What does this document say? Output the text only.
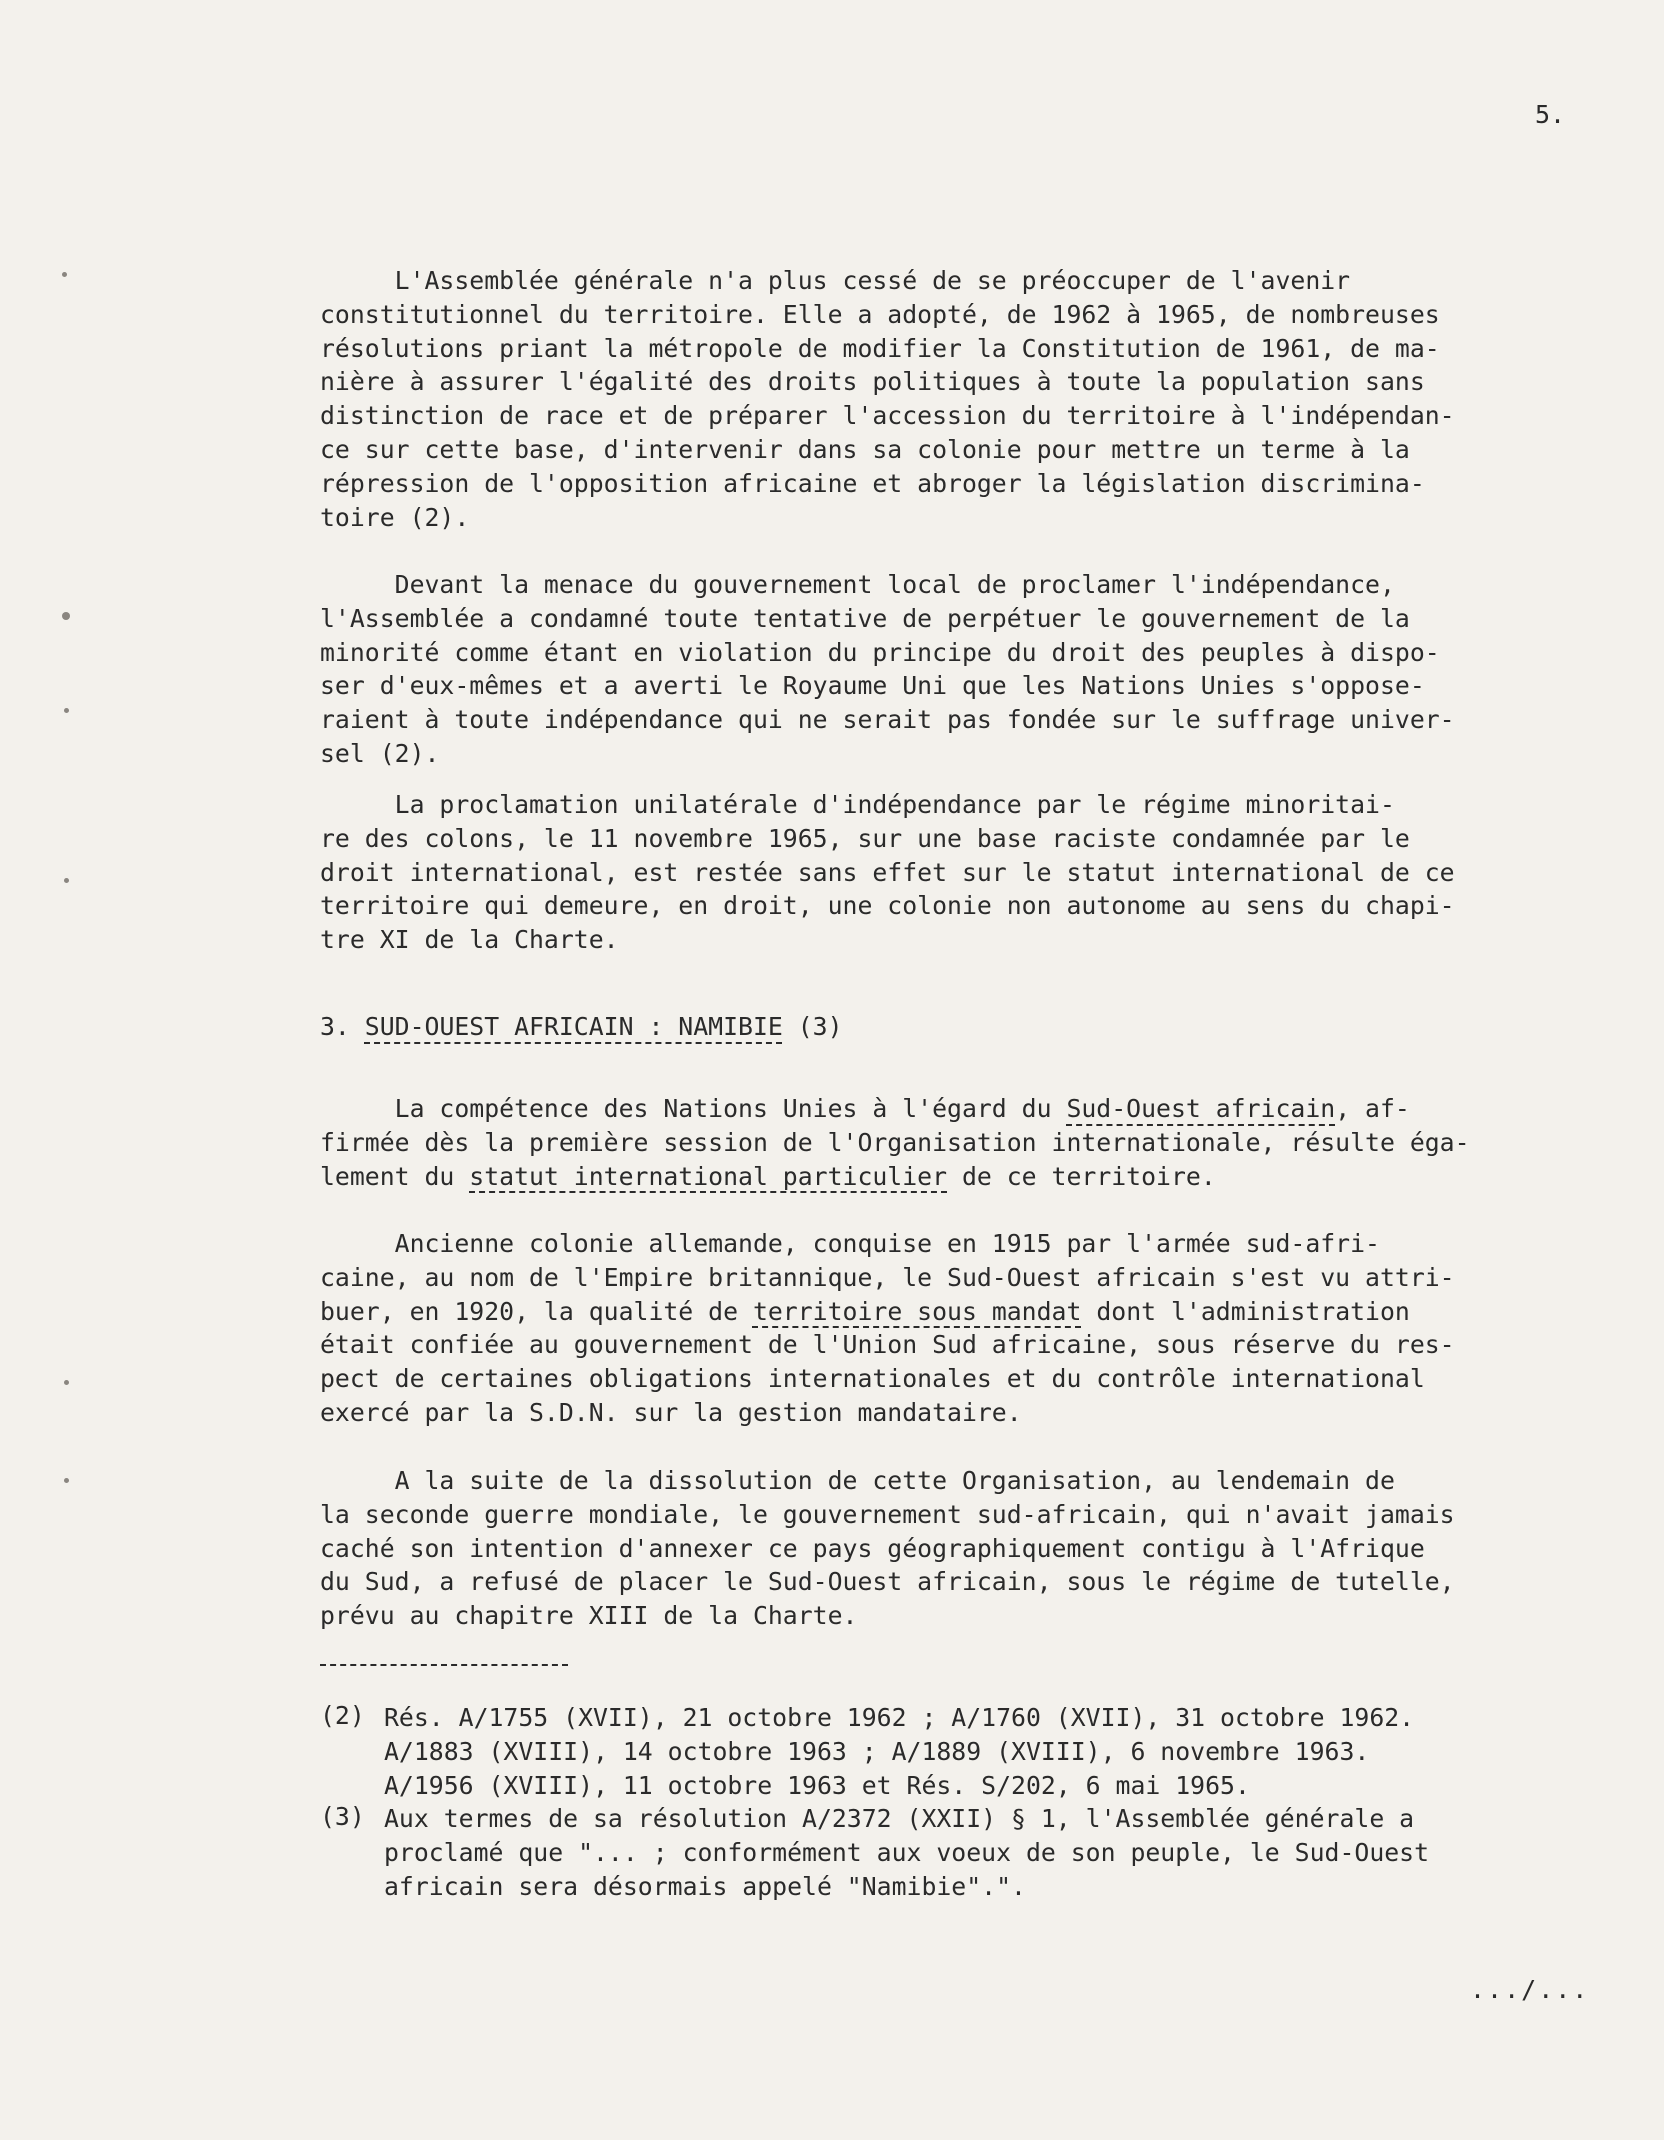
5.
L'Assemblée générale n'a plus cessé de se préoccuper de l'avenir
constitutionnel du territoire. Elle a adopté, de 1962 à 1965, de nombreuses
résolutions priant la métropole de modifier la Constitution de 1961, de ma-
nière à assurer l'égalité des droits politiques à toute la population sans
distinction de race et de préparer l'accession du territoire à l'indépendan-
ce sur cette base, d'intervenir dans sa colonie pour mettre un terme à la
répression de l'opposition africaine et abroger la législation discrimina-
toire (2).
Devant la menace du gouvernement local de proclamer l'indépendance,
l'Assemblée a condamné toute tentative de perpétuer le gouvernement de la
minorité comme étant en violation du principe du droit des peuples à dispo-
ser d'eux-mêmes et a averti le Royaume Uni que les Nations Unies s'oppose-
raient à toute indépendance qui ne serait pas fondée sur le suffrage univer-
sel (2).
La proclamation unilatérale d'indépendance par le régime minoritai-
re des colons, le 11 novembre 1965, sur une base raciste condamnée par le
droit international, est restée sans effet sur le statut international de ce
territoire qui demeure, en droit, une colonie non autonome au sens du chapi-
tre XI de la Charte.
3. SUD-OUEST AFRICAIN : NAMIBIE (3)
La compétence des Nations Unies à l'égard du Sud-Ouest africain, af-
firmée dès la première session de l'Organisation internationale, résulte éga-
lement du statut international particulier de ce territoire.
Ancienne colonie allemande, conquise en 1915 par l'armée sud-afri-
caine, au nom de l'Empire britannique, le Sud-Ouest africain s'est vu attri-
buer, en 1920, la qualité de territoire sous mandat dont l'administration
était confiée au gouvernement de l'Union Sud africaine, sous réserve du res-
pect de certaines obligations internationales et du contrôle international
exercé par la S.D.N. sur la gestion mandataire.
A la suite de la dissolution de cette Organisation, au lendemain de
la seconde guerre mondiale, le gouvernement sud-africain, qui n'avait jamais
caché son intention d'annexer ce pays géographiquement contigu à l'Afrique
du Sud, a refusé de placer le Sud-Ouest africain, sous le régime de tutelle,
prévu au chapitre XIII de la Charte.
(2) Rés. A/1755 (XVII), 21 octobre 1962 ; A/1760 (XVII), 31 octobre 1962.
A/1883 (XVIII), 14 octobre 1963 ; A/1889 (XVIII), 6 novembre 1963.
A/1956 (XVIII), 11 octobre 1963 et Rés. S/202, 6 mai 1965.
(3) Aux termes de sa résolution A/2372 (XXII) § 1, l'Assemblée générale a
proclamé que "... ; conformément aux voeux de son peuple, le Sud-Ouest
africain sera désormais appelé "Namibie".".
.../...
